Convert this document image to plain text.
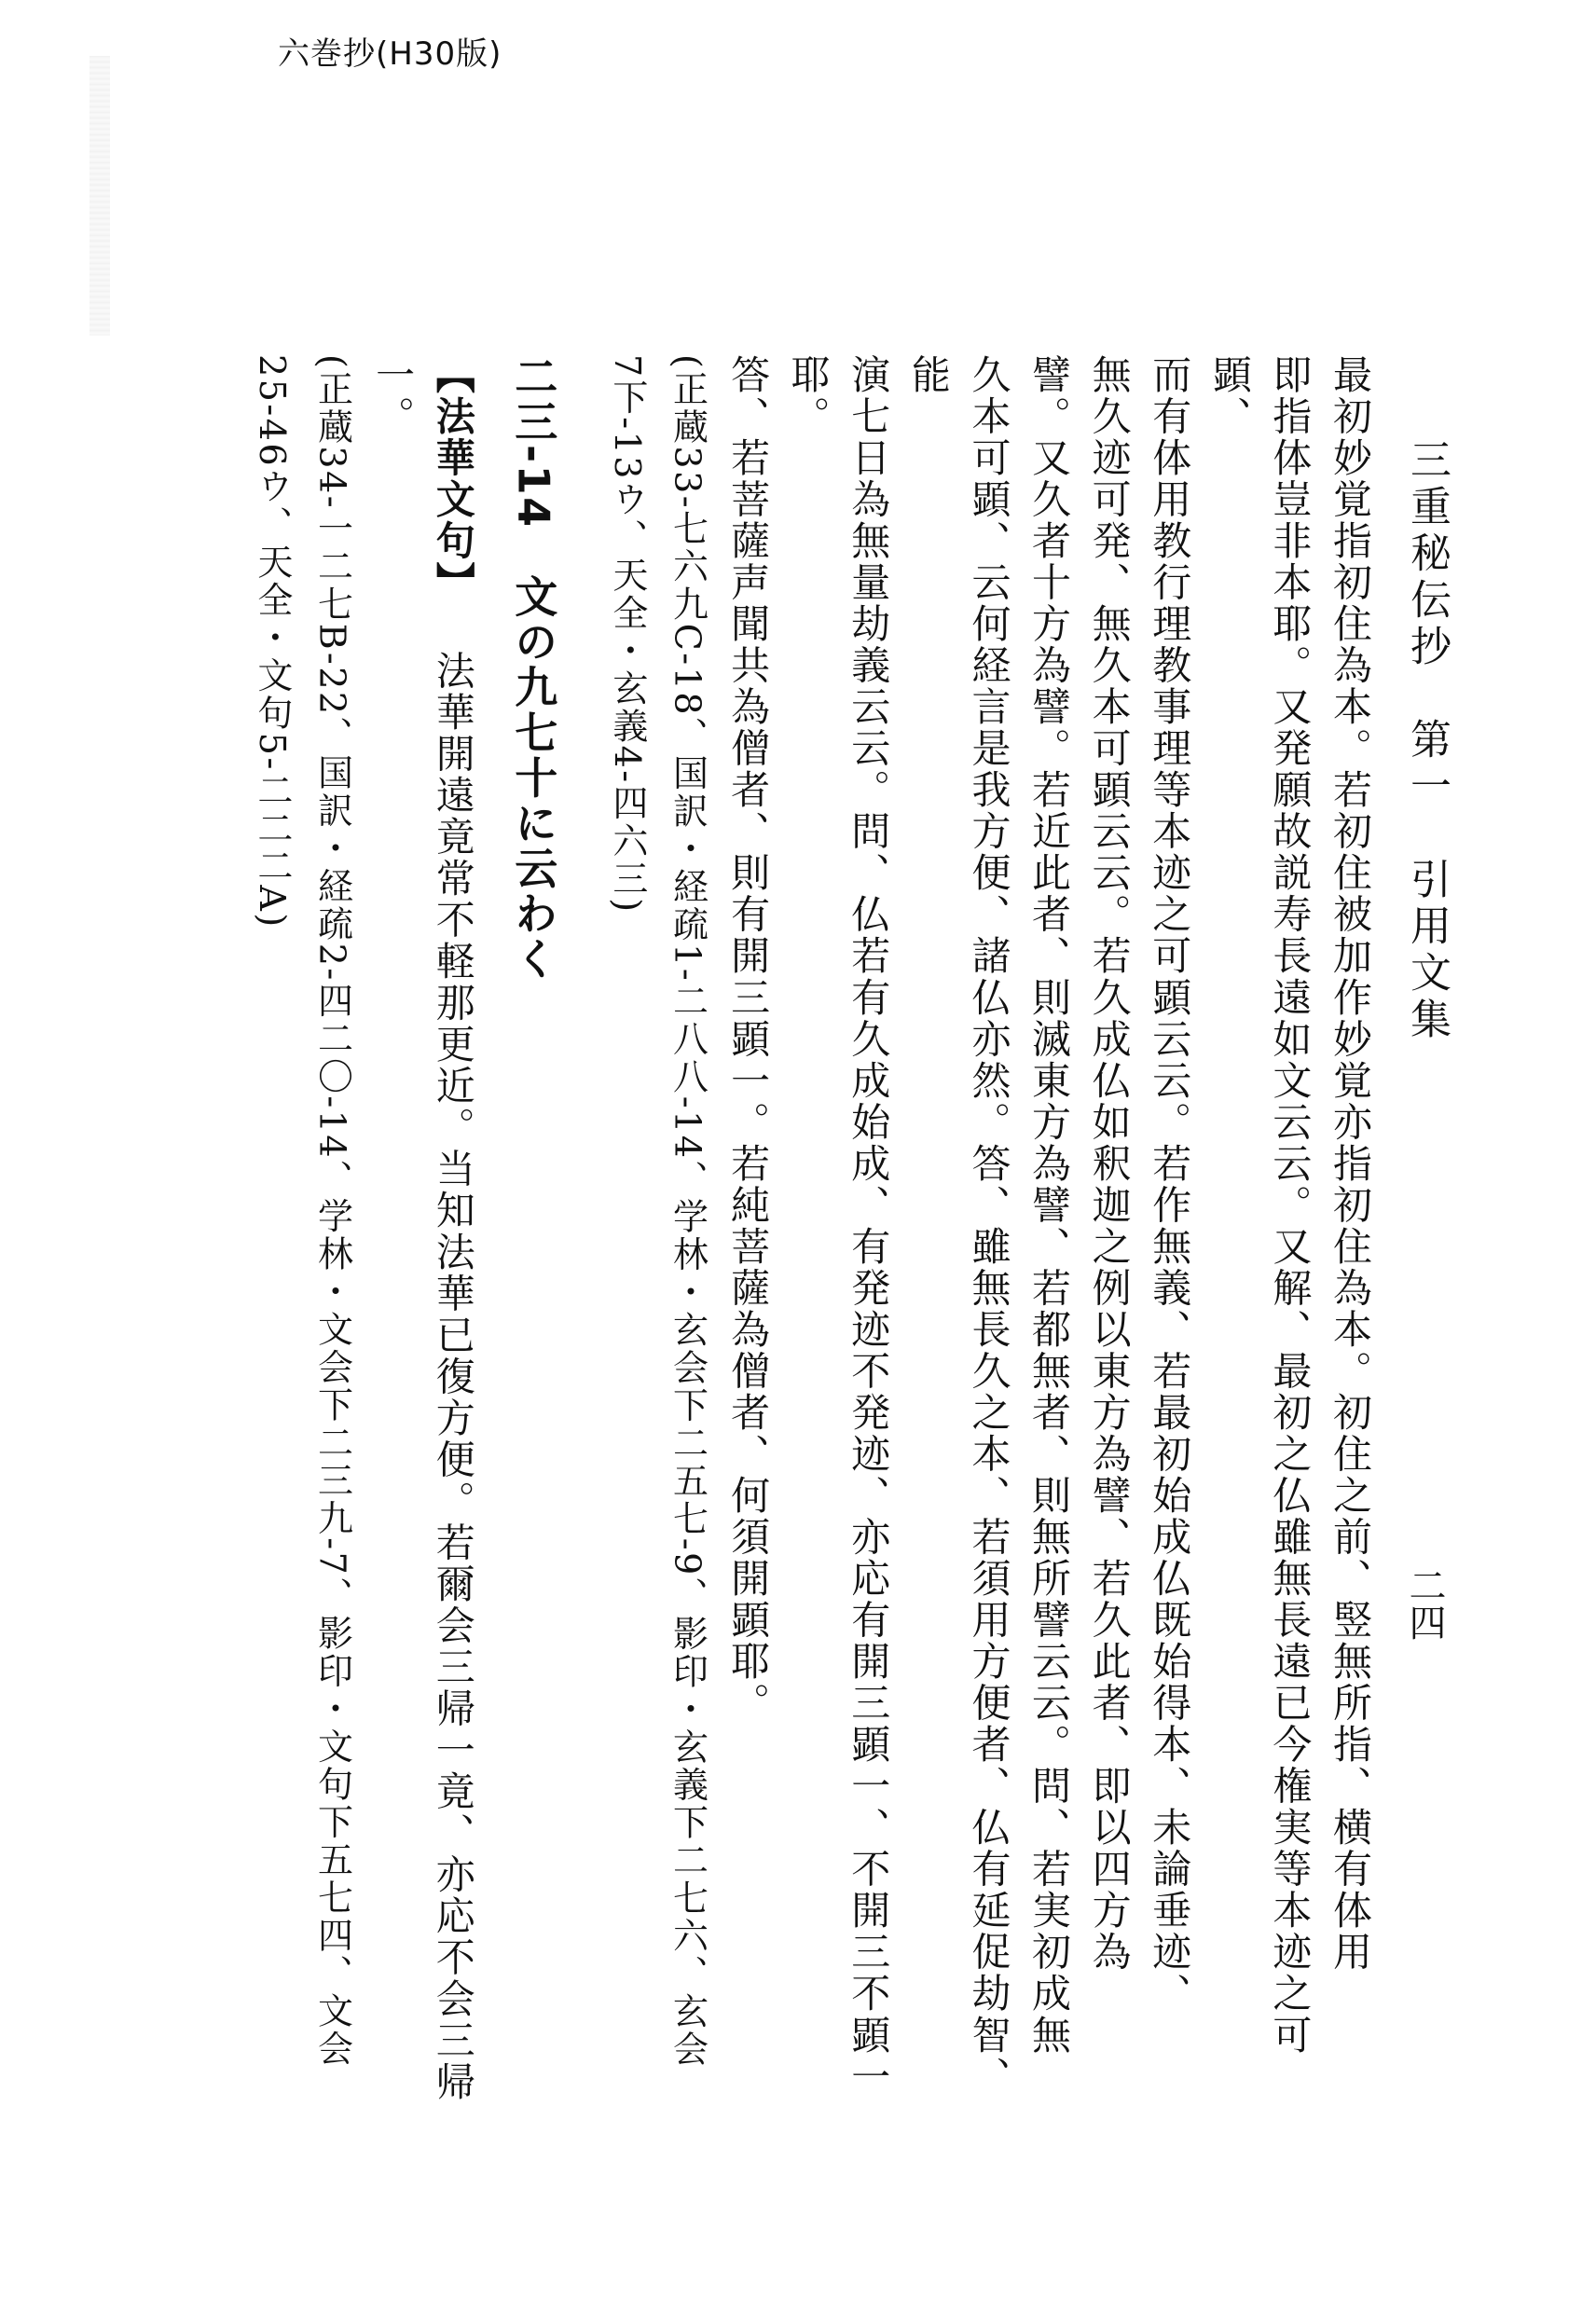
六巻抄(H30版)
三重秘伝抄　第一　引用文集
二四

最初妙覚指初住為本。若初住被加作妙覚亦指初住為本。初住之前、竪無所指、横有体用

即指体豈非本耶。又発願故説寿長遠如文云云。又解、最初之仏雖無長遠已今権実等本迹之可顕、

而有体用教行理教事理等本迹之可顕云云。若作無義、若最初始成仏既始得本、未論垂迹、

無久迹可発、無久本可顕云云。若久成仏如釈迦之例以東方為譬、若久此者、即以四方為

譬。又久者十方為譬。若近此者、則滅東方為譬、若都無者、則無所譬云云。問、若実初成無

久本可顕、云何経言是我方便、諸仏亦然。答、雖無長久之本、若須用方便者、仏有延促劫智、能

演七日為無量劫義云云。問、仏若有久成始成、有発迹不発迹、亦応有開三顕一、不開三不顕一耶。

答、若菩薩声聞共為僧者、則有開三顕一。若純菩薩為僧者、何須開顕耶。

(正蔵33-七六九C-18、国訳・経疏1-二八八-14、学林・玄会下二五七-9、影印・玄義下二七六、玄会

7下-13ウ、天全・玄義4-四六三)

二三-14　文の九七十に云わく

【法華文句】法華開遠竟常不軽那更近。当知法華已復方便。若爾会三帰一竟、亦応不会三帰一。

(正蔵34-一二七B-22、国訳・経疏2-四二〇-14、学林・文会下二三九-7、影印・文句下五七四、文会

25-46ウ、天全・文句5-二二二A)
